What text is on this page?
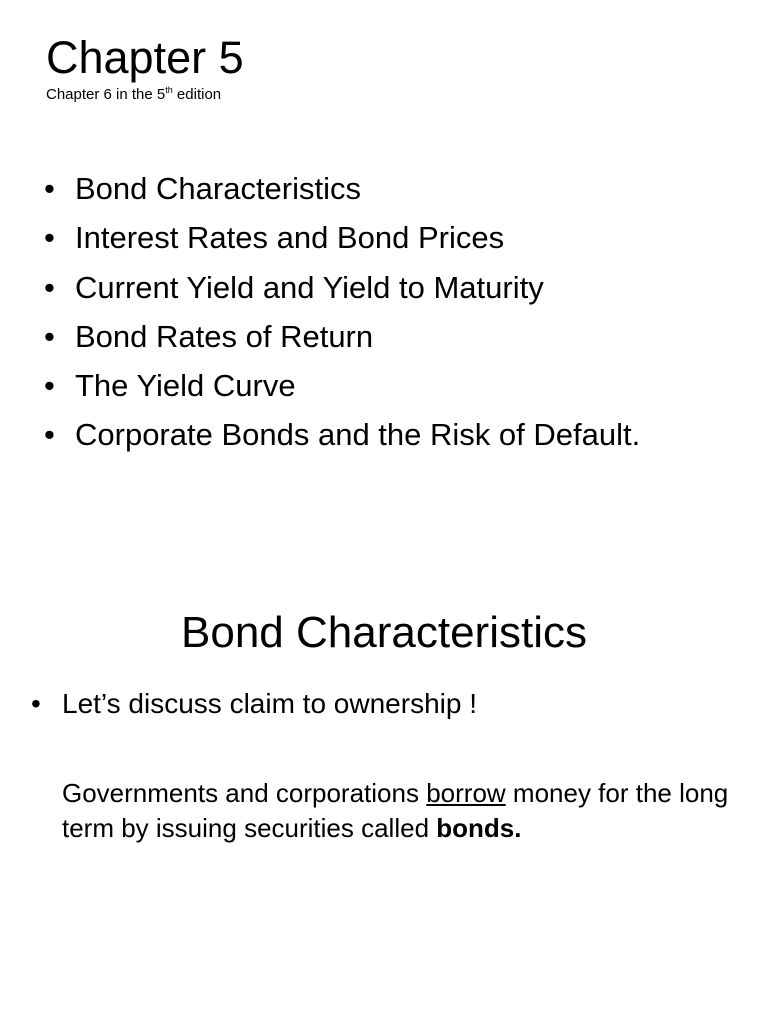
Chapter 5
Chapter 6 in the 5th edition
• Bond Characteristics
• Interest Rates and Bond Prices
• Current Yield and Yield to Maturity
• Bond Rates of Return
• The Yield Curve
• Corporate Bonds and the Risk of Default.
Bond Characteristics
• Let’s discuss claim to ownership !

Governments and corporations borrow money for the long term by issuing securities called bonds.
